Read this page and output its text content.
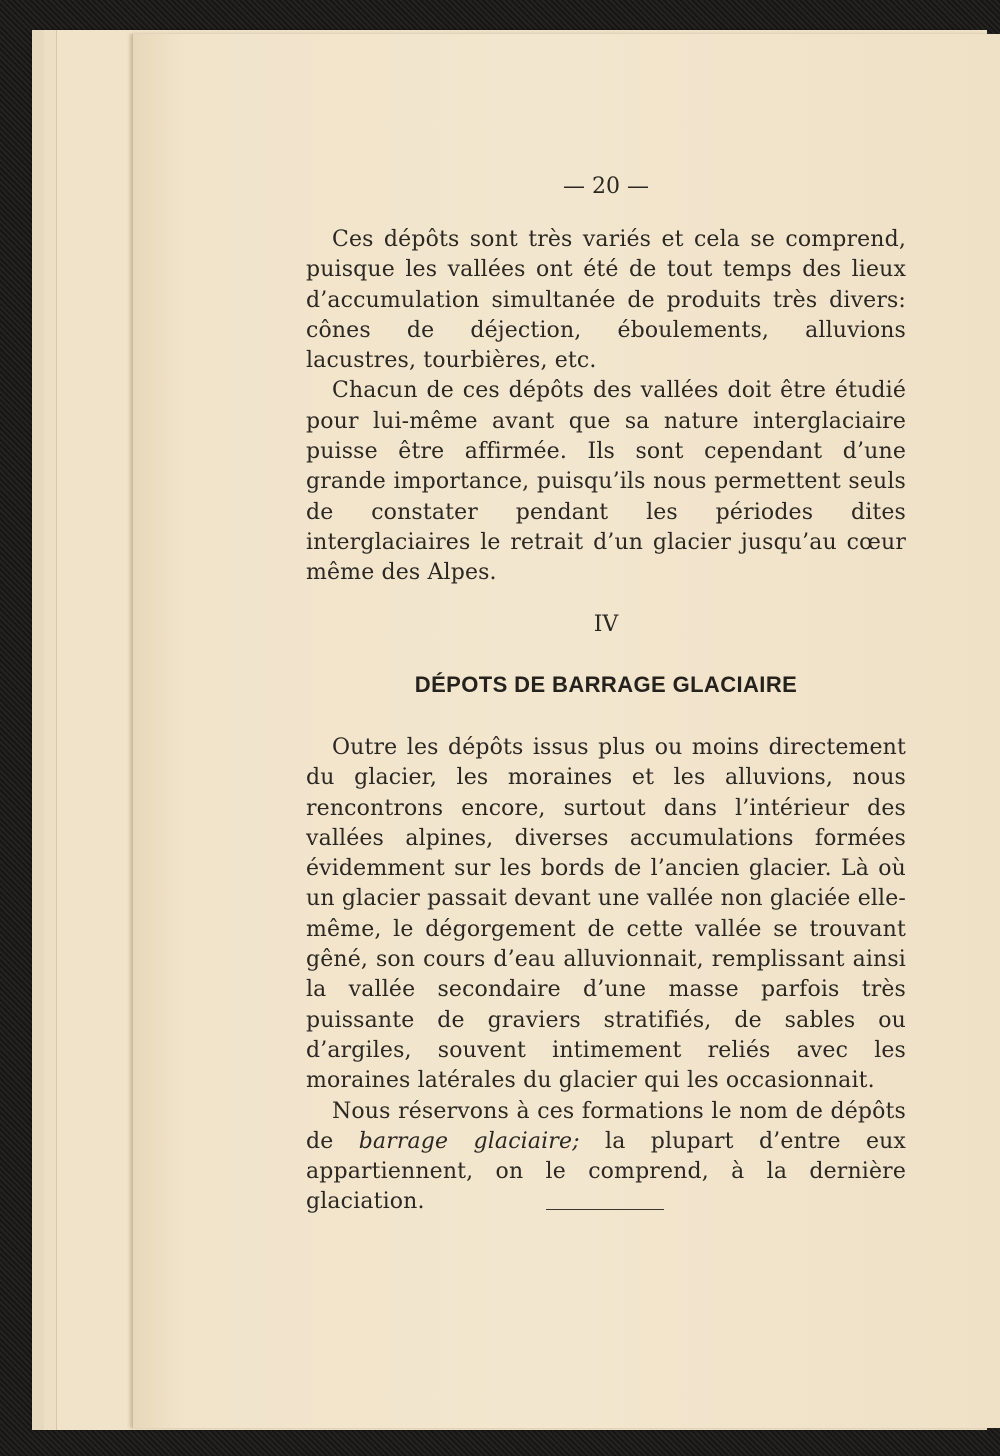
— 20 —

Ces dépôts sont très variés et cela se comprend, puisque les vallées ont été de tout temps des lieux d’accumulation simultanée de produits très divers: cônes de déjection, éboulements, alluvions lacustres, tourbières, etc.

Chacun de ces dépôts des vallées doit être étudié pour lui-même avant que sa nature interglaciaire puisse être affirmée. Ils sont cependant d’une grande importance, puisqu’ils nous permettent seuls de constater pendant les périodes dites interglaciaires le retrait d’un glacier jusqu’au cœur même des Alpes.

IV
DÉPOTS DE BARRAGE GLACIAIRE

Outre les dépôts issus plus ou moins directement du glacier, les moraines et les alluvions, nous rencontrons encore, surtout dans l’intérieur des vallées alpines, diverses accumulations formées évidemment sur les bords de l’ancien glacier. Là où un glacier passait devant une vallée non glaciée elle-même, le dégorgement de cette vallée se trouvant gêné, son cours d’eau alluvionnait, remplissant ainsi la vallée secondaire d’une masse parfois très puissante de graviers stratifiés, de sables ou d’argiles, souvent intimement reliés avec les moraines latérales du glacier qui les occasionnait.

Nous réservons à ces formations le nom de dépôts de barrage glaciaire; la plupart d’entre eux appartiennent, on le comprend, à la dernière glaciation.
